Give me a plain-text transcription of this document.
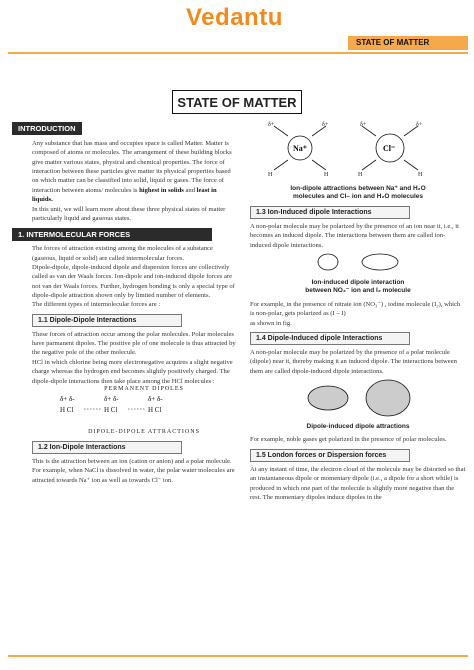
Vedantu
STATE OF MATTER
STATE OF MATTER
INTRODUCTION

Any substance that has mass and occupies space is called Matter. Matter is composed of atoms or molecules. The arrangement of these building blocks give matter various states, physical and chemical properties. The force of interaction between these particles give matter its physical properties based on which matter can be classified into solid, liquid or gases. The force of interaction between atoms/ molecules is highest in solids and least in liquids.

In this unit, we will learn more about these three physical states of matter particularly liquid and gaseous states.

1. INTERMOLECULAR FORCES

The forces of attraction existing among the molecules of a substance (gaseous, liquid or solid) are called intermolecular forces.

Dipole-dipole, dipole-induced dipole and dispersion forces are collectively called as van der Waals forces. Ion-dipole and ion-induced dipole forces are not van der Waals forces. Further, hydrogen bonding is only a special type of dipole-dipole attraction shown only by limited number of elements.

The different types of intermolecular forces are :

1.1 Dipole-Dipole Interactions

These forces of attraction occur among the polar molecules. Polar molecules have parmanent dipoles. The positive ple of one molecule is thus attracted by the negative pole of the other molecule.

HCl in which chlorine being more electronegative acquires a slight negative charge whereas the hydrogen end becomes slightly positively charged. The dipole-dipole interactions then take place among the HCl molecules :

PERMANENT DIPOLES
δ+ δ-
H Cl
δ+ δ-
H Cl
δ+ δ-
H Cl
DIPOLE-DIPOLE ATTRACTIONS
1.2 Ion-Dipole Interactions

This is the attraction between an ion (cation or anion) and a polar molecule. For example, when NaCl is dissolved in water, the polar water molecules are attracted towards Na⁺ ion as well as towards Cl⁻ ion.

δ+	δ+
H	H
δ+	δ+
H	H
Na⁺	Cl⁻
Ion-dipole attractions between Na⁺ and H₂O
molecules and Cl– ion and H₂O molecules
1.3 Ion-Induced dipole Interactions

A non-polar molecule may be polarized by the presence of an ion near it, i.e., it becomes an induced dipole. The interactions between them are called ion-induced dipole interactions.

Ion-induced dipole interaction
between NO₃⁻ ion and I₂ molecule

For example, in the presence of nitrate ion (NO₃⁻) , iodine molecule (I₂), which is non-polar, gets polarized as (I – I)

as shown in fig.

1.4 Dipole-Induced dipole Interactions

A non-polar molecule may be polarized by the presence of a polar molecule (dipole) near it, thereby making it an induced dipole. The interactions between them are called dipole-induced dipole interactions.

Dipole-induced dipole attractions

For example, noble gases get polarized in the presence of polar molecules.

1.5 London forces or Dispersion forces

At any instant of time, the electron cloud of the molecule may be distorted so that an instantaneous dipole or momentary dipole (i.e., a dipole for a short while) is produced in which one part of the molecule is slightly more negative than the rest. The momentary dipoles induce dipoles in the
